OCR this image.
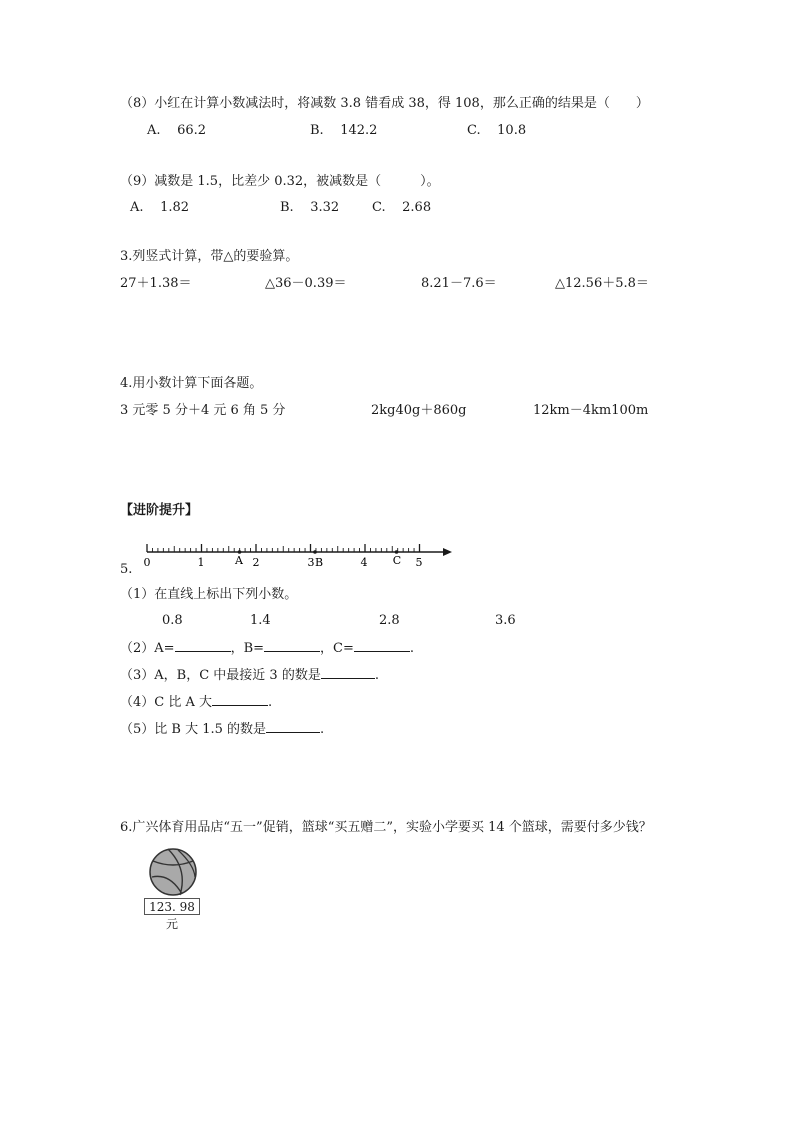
（8）小红在计算小数减法时，将减数 3.8 错看成 38，得 108，那么正确的结果是（　　）
A. 66.2	B. 142.2	C. 10.8
（9）减数是 1.5，比差少 0.32，被减数是（　　　）。
A. 1.82	B. 3.32	C. 2.68
3.列竖式计算，带△的要验算。
27＋1.38＝	△36－0.39＝	8.21－7.6＝	△12.56＋5.8＝
4.用小数计算下面各题。
3 元零 5 分＋4 元 6 角 5 分	2kg40g＋860g	12km－4km100m
【进阶提升】
0	1	2	3	4	5
A	B	C
5.
（1）在直线上标出下列小数。
0.8	1.4	2.8	3.6
（2）A=	，B=	，C=	.
（3）A，B，C 中最接近 3 的数是	.
（4）C 比 A 大	.
（5）比 B 大 1.5 的数是	.
6.广兴体育用品店“五一”促销，篮球“买五赠二”，实验小学要买 14 个篮球，需要付多少钱？
123. 98元
